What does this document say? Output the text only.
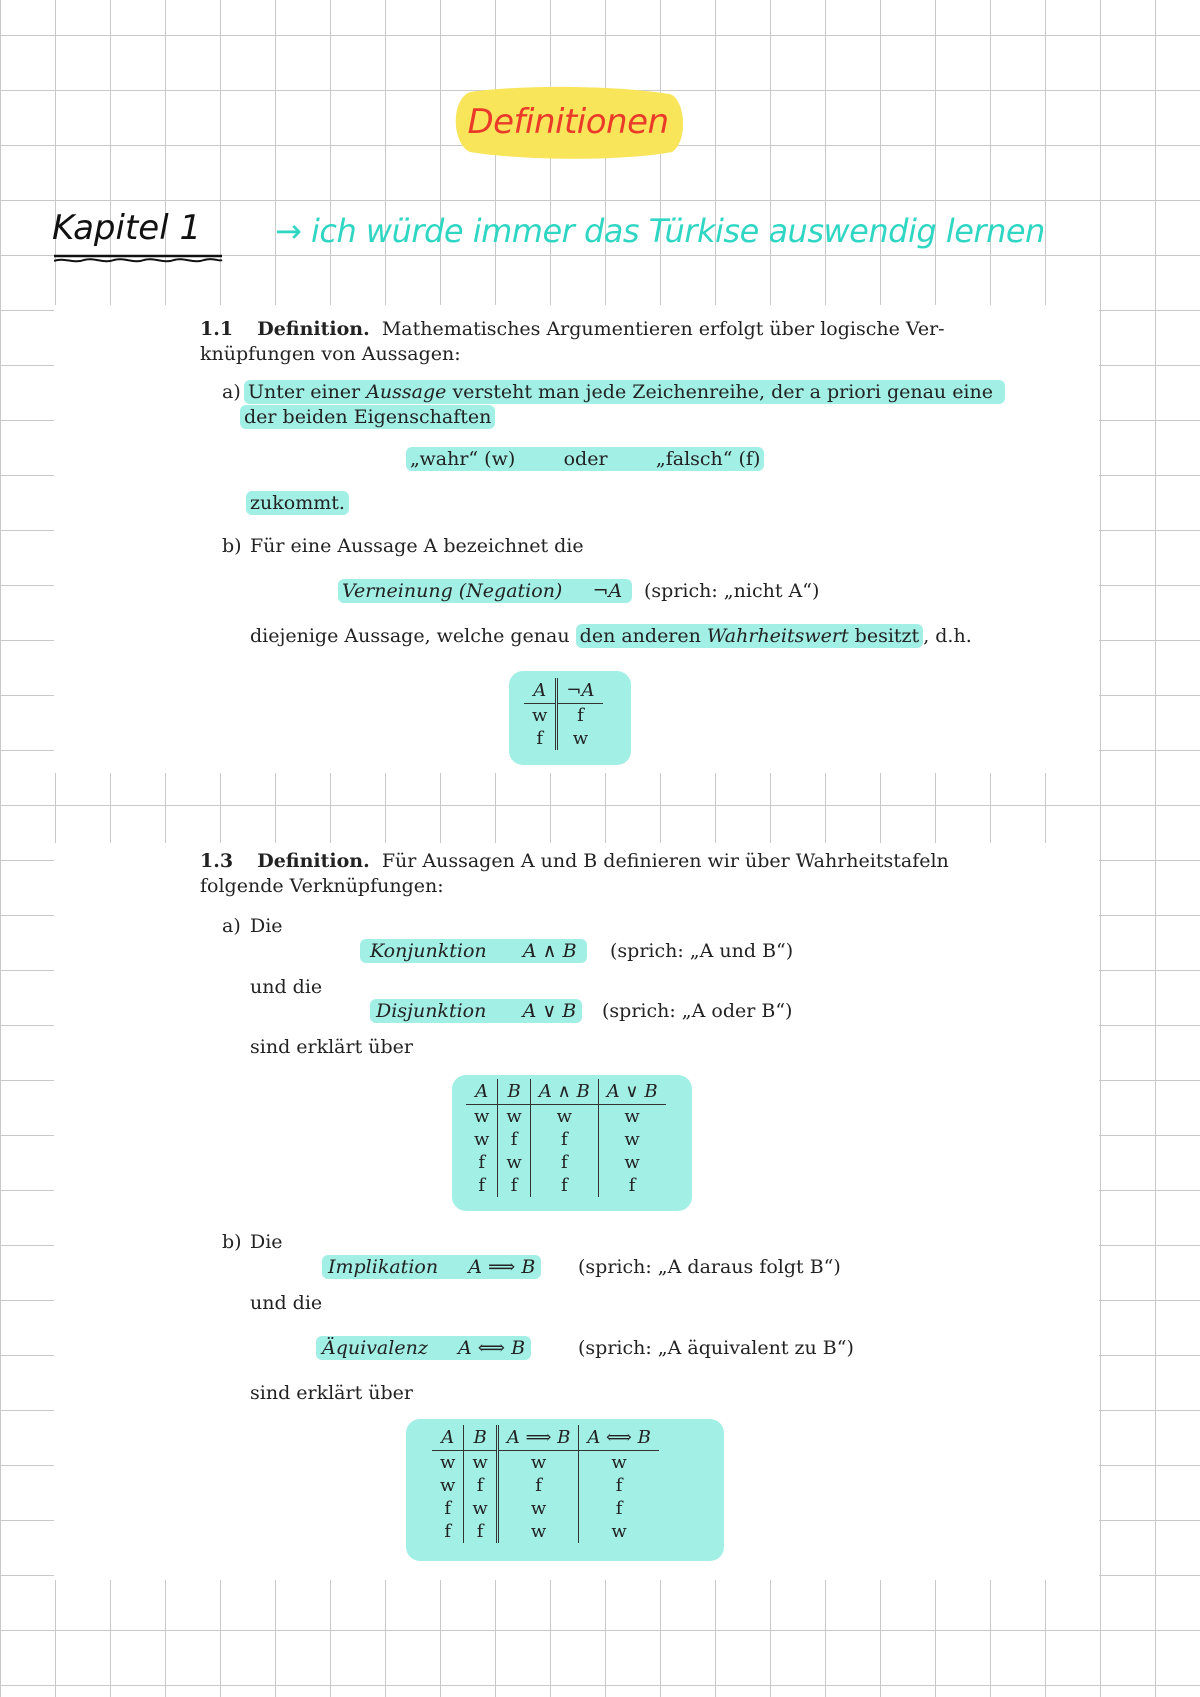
Definitionen
Kapitel 1 → ich würde immer das Türkise auswendig lernen
1.1 Definition. Mathematisches Argumentieren erfolgt über logische Ver-
knüpfungen von Aussagen:
a) Unter einer Aussage versteht man jede Zeichenreihe, der a priori genau eine
der beiden Eigenschaften
„wahr“ (w)	oder	„falsch“ (f)
zukommt.
b) Für eine Aussage A bezeichnet die
Verneinung (Negation) ¬A	(sprich: „nicht A“)
diejenige Aussage, welche genau den anderen Wahrheitswert besitzt , d.h.
A	¬A
w	f
f	w
1.3 Definition. Für Aussagen A und B definieren wir über Wahrheitstafeln
folgende Verknüpfungen:
a) Die
Konjunktion A ∧ B	(sprich: „A und B“)
und die
Disjunktion A ∨ B	(sprich: „A oder B“)
sind erklärt über
A	B	A ∧ B	A ∨ B
w	w	w	w
w	f	f	w
f	w	f	w
f	f	f	f
b) Die
Implikation A ⟹ B	(sprich: „A daraus folgt B“)
und die
Äquivalenz A ⟺ B	(sprich: „A äquivalent zu B“)
sind erklärt über
A	B	A ⟹ B	A ⟺ B
w	w	w	w
w	f	f	f
f	w	w	f
f	f	w	w
